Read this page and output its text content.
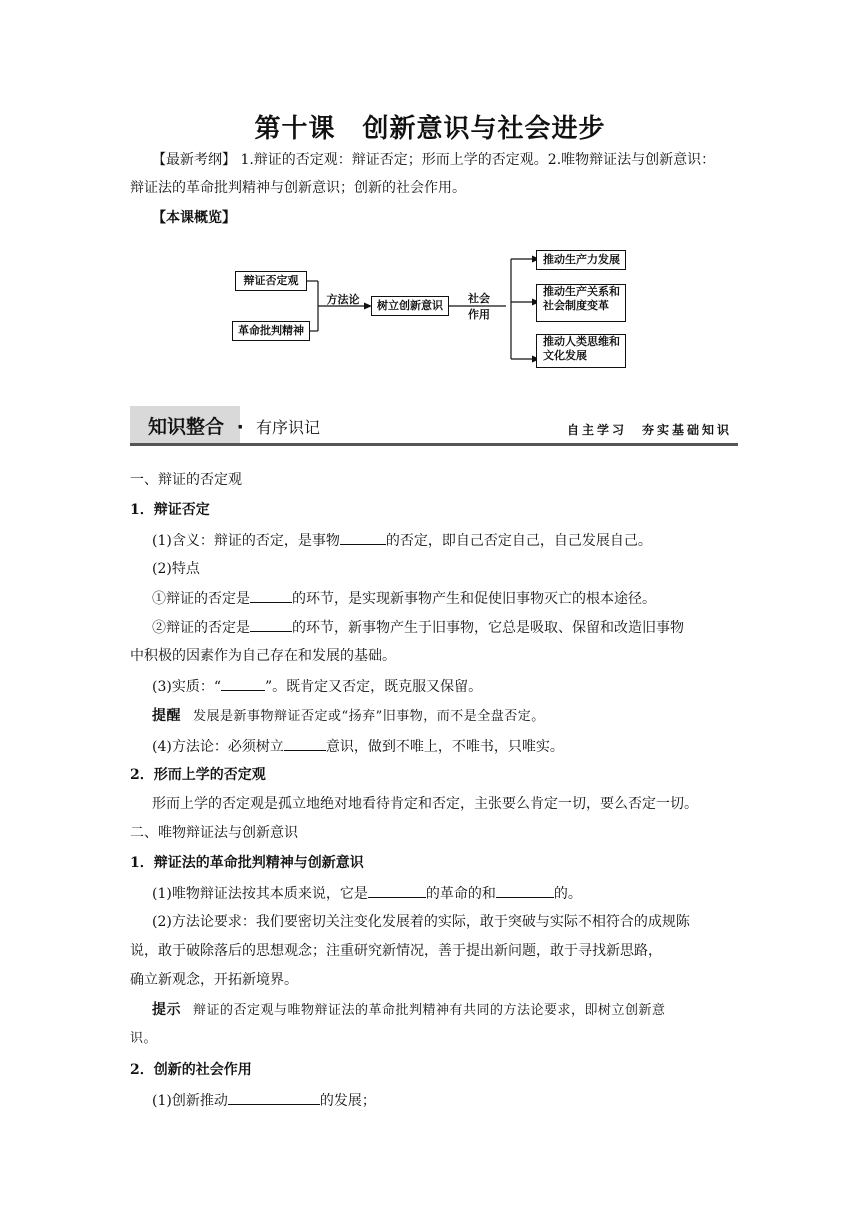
第十课　创新意识与社会进步
【最新考纲】 1.辩证的否定观：辩证否定；形而上学的否定观。2.唯物辩证法与创新意识：
辩证法的革命批判精神与创新意识；创新的社会作用。
【本课概览】
辩证否定观
革命批判精神
方法论	树立创新意识
社会
作用
推动生产力发展
推动生产关系和
社会制度变革
推动人类思维和
文化发展
知识整合 · 有序识记	自主学习　夯实基础知识
一、辩证的否定观
1．辩证否定
(1)含义：辩证的否定，是事物	的否定，即自己否定自己，自己发展自己。
(2)特点
①辩证的否定是	的环节，是实现新事物产生和促使旧事物灭亡的根本途径。
②辩证的否定是	的环节，新事物产生于旧事物，它总是吸取、保留和改造旧事物
中积极的因素作为自己存在和发展的基础。
(3)实质：“	”。既肯定又否定，既克服又保留。
提醒 发展是新事物辩证否定或“扬弃”旧事物，而不是全盘否定。
(4)方法论：必须树立	意识，做到不唯上，不唯书，只唯实。
2．形而上学的否定观
形而上学的否定观是孤立地绝对地看待肯定和否定，主张要么肯定一切，要么否定一切。
二、唯物辩证法与创新意识
1．辩证法的革命批判精神与创新意识
(1)唯物辩证法按其本质来说，它是	的革命的和	的。
(2)方法论要求：我们要密切关注变化发展着的实际，敢于突破与实际不相符合的成规陈
说，敢于破除落后的思想观念；注重研究新情况，善于提出新问题，敢于寻找新思路，
确立新观念，开拓新境界。
提示 辩证的否定观与唯物辩证法的革命批判精神有共同的方法论要求，即树立创新意
识。
2．创新的社会作用
(1)创新推动	的发展；
